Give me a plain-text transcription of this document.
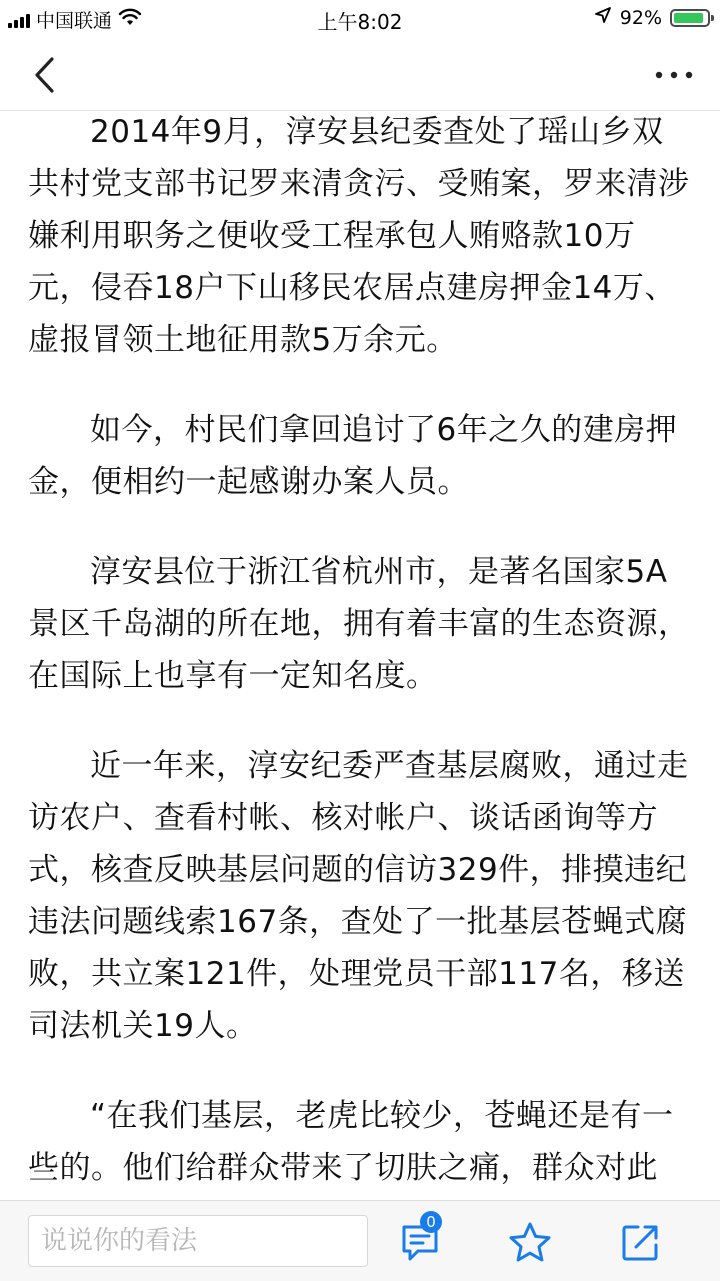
中国联通	上午8:02	92%

2014年9月，淳安县纪委查处了瑶山乡双共村党支部书记罗来清贪污、受贿案，罗来清涉嫌利用职务之便收受工程承包人贿赂款10万元，侵吞18户下山移民农居点建房押金14万、虚报冒领土地征用款5万余元。

如今，村民们拿回追讨了6年之久的建房押金，便相约一起感谢办案人员。

淳安县位于浙江省杭州市，是著名国家5A景区千岛湖的所在地，拥有着丰富的生态资源，在国际上也享有一定知名度。

近一年来，淳安纪委严查基层腐败，通过走访农户、查看村帐、核对帐户、谈话函询等方式，核查反映基层问题的信访329件，排摸违纪违法问题线索167条，查处了一批基层苍蝇式腐败，共立案121件，处理党员干部117名，移送司法机关19人。

“在我们基层，老虎比较少，苍蝇还是有一些的。他们给群众带来了切肤之痛，群众对此

说说你的看法
0
